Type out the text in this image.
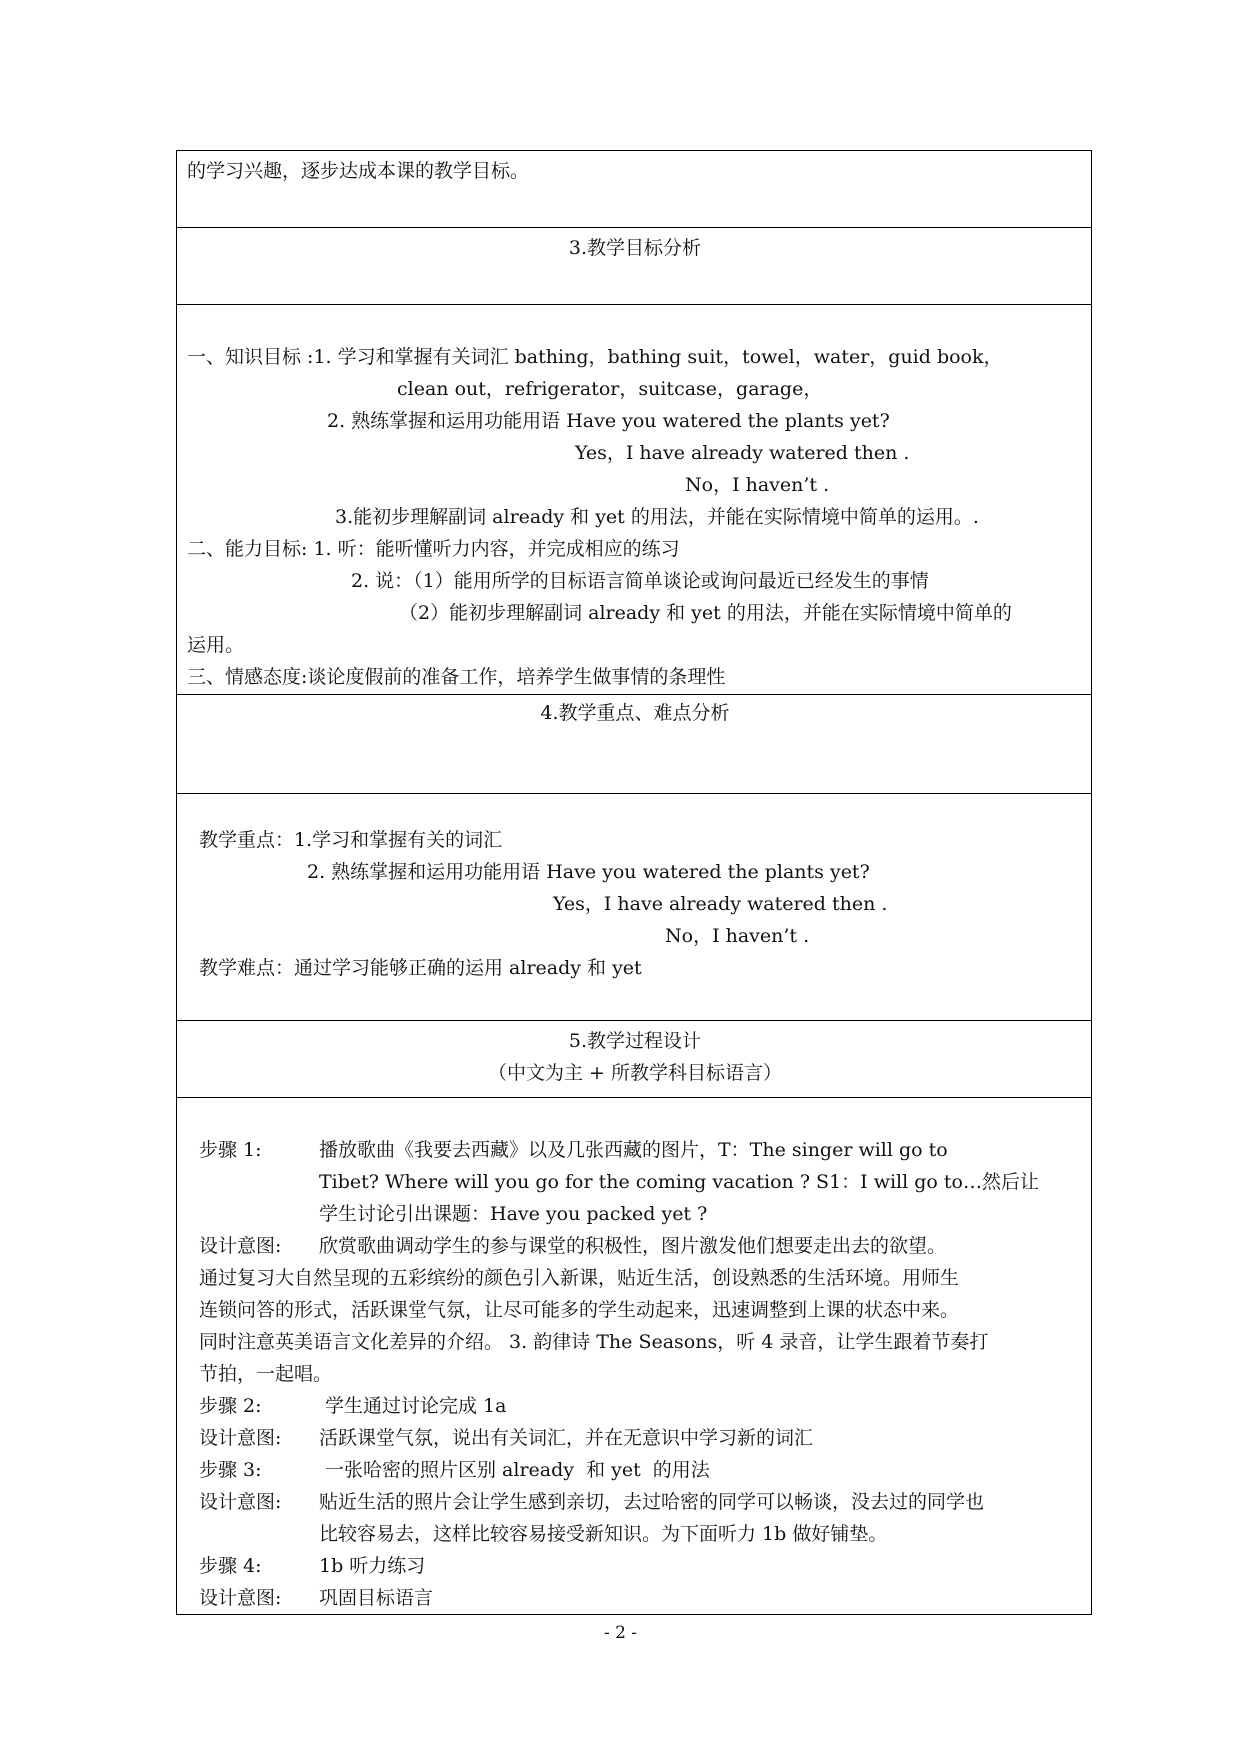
的学习兴趣，逐步达成本课的教学目标。

3.教学目标分析

一、知识目标 :1. 学习和掌握有关词汇 bathing，bathing suit，towel，water，guid book，
clean out，refrigerator，suitcase，garage，
2. 熟练掌握和运用功能用语 Have you watered the plants yet?
Yes，I have already watered then .
No，I haven’t .
3.能初步理解副词 already 和 yet 的用法，并能在实际情境中简单的运用。.
二、能力目标: 1. 听：能听懂听力内容，并完成相应的练习
2. 说：（1）能用所学的目标语言简单谈论或询问最近已经发生的事情
（2）能初步理解副词 already 和 yet 的用法，并能在实际情境中简单的
运用。
三、情感态度:谈论度假前的准备工作，培养学生做事情的条理性

4.教学重点、难点分析

教学重点：1.学习和掌握有关的词汇
2. 熟练掌握和运用功能用语 Have you watered the plants yet?
Yes，I have already watered then .
No，I haven’t .
教学难点：通过学习能够正确的运用 already 和 yet

5.教学过程设计
（中文为主 + 所教学科目标语言）

步骤 1:	播放歌曲《我要去西藏》以及几张西藏的图片，T：The singer will go to
Tibet? Where will you go for the coming vacation ? S1：I will go to…然后让
学生讨论引出课题：Have you packed yet ?
设计意图: 欣赏歌曲调动学生的参与课堂的积极性，图片激发他们想要走出去的欲望。
通过复习大自然呈现的五彩缤纷的颜色引入新课，贴近生活，创设熟悉的生活环境。用师生
连锁问答的形式，活跃课堂气氛，让尽可能多的学生动起来，迅速调整到上课的状态中来。
同时注意英美语言文化差异的介绍。 3. 韵律诗 The Seasons，听 4 录音，让学生跟着节奏打
节拍，一起唱。
步骤 2:	学生通过讨论完成 1a
设计意图: 活跃课堂气氛，说出有关词汇，并在无意识中学习新的词汇
步骤 3:	一张哈密的照片区别 already  和 yet  的用法
设计意图: 贴近生活的照片会让学生感到亲切，去过哈密的同学可以畅谈，没去过的同学也
比较容易去，这样比较容易接受新知识。为下面听力 1b 做好铺垫。
步骤 4:	1b 听力练习
设计意图: 巩固目标语言
- 2 -
